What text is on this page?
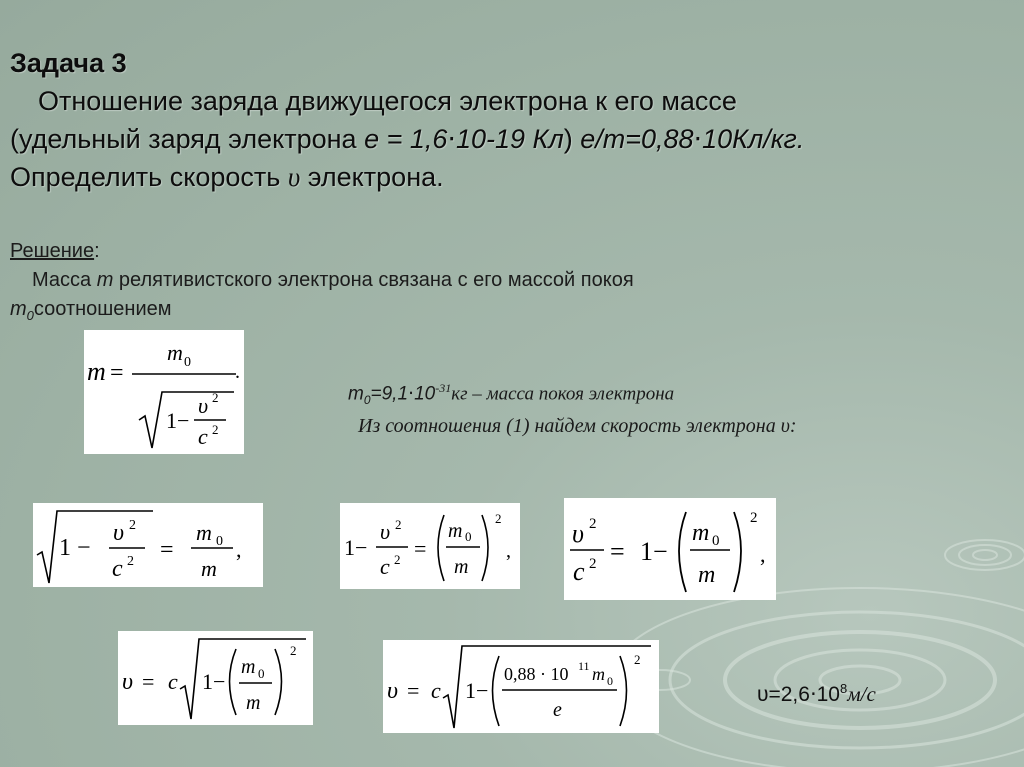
Задача 3
Отношение заряда движущегося электрона к его массе
(удельный заряд электрона e = 1,6⋅10-19 Кл) e/m=0,88⋅10Кл/кг.
Определить скорость υ электрона.
Решение:
Масса m релятивистского электрона связана с его массой покоя
$m_0соотношением$
m =
m 0
1−
υ 2
c 2
.
$m_0=9,1\cdot 10^{-31}кг$ – масса покоя электрона
Из соотношения (1) найдем скорость электрона υ:
1 −
υ 2
c 2 =
m 0
m
,	1−
υ 2
c 2 =
m 0
m
2
,
υ 2
c 2 = 1−
m 0
m
2
,
υ = c 1−
m 0
m
2
υ = c 1−
0,88 · 10 11 m 0
e
2
$\upsilon=2,6\cdot 10^8м/с$
